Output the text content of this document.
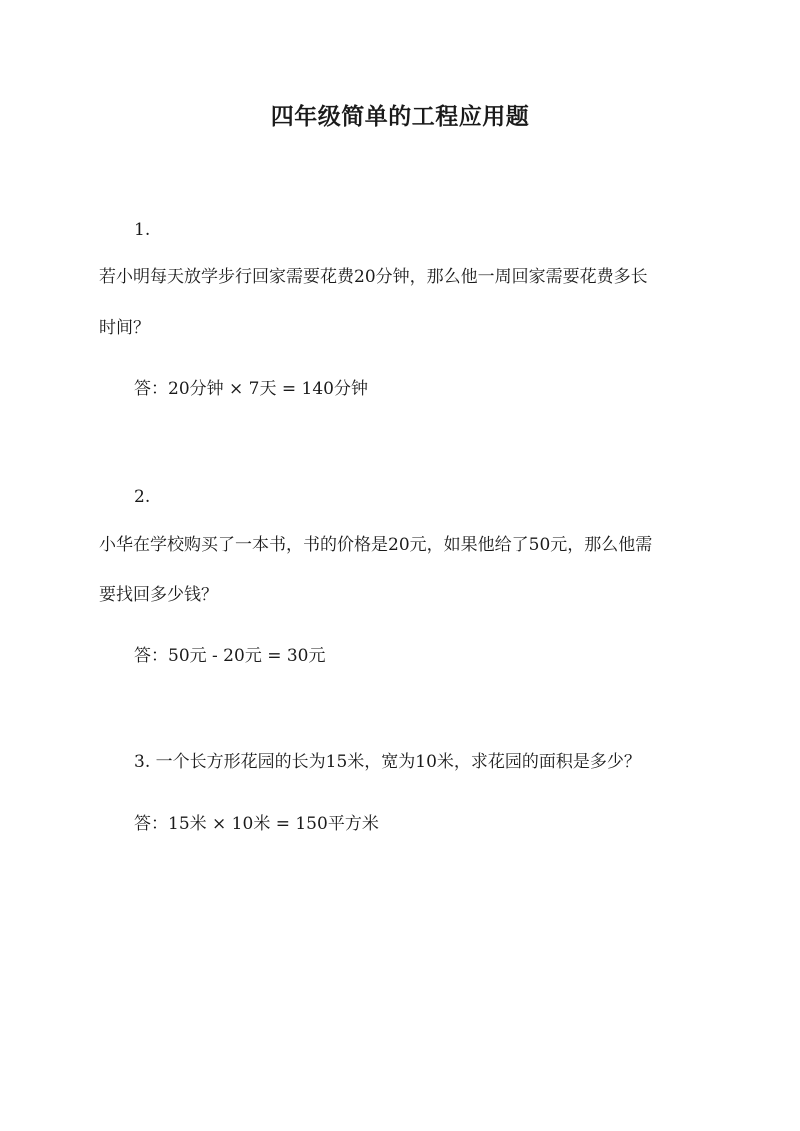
四年级简单的工程应用题

1.

若小明每天放学步行回家需要花费20分钟，那么他一周回家需要花费多长

时间？

答：20分钟 × 7天 = 140分钟

2.

小华在学校购买了一本书，书的价格是20元，如果他给了50元，那么他需

要找回多少钱？

答：50元 - 20元 = 30元

3. 一个长方形花园的长为15米，宽为10米，求花园的面积是多少？

答：15米 × 10米 = 150平方米
